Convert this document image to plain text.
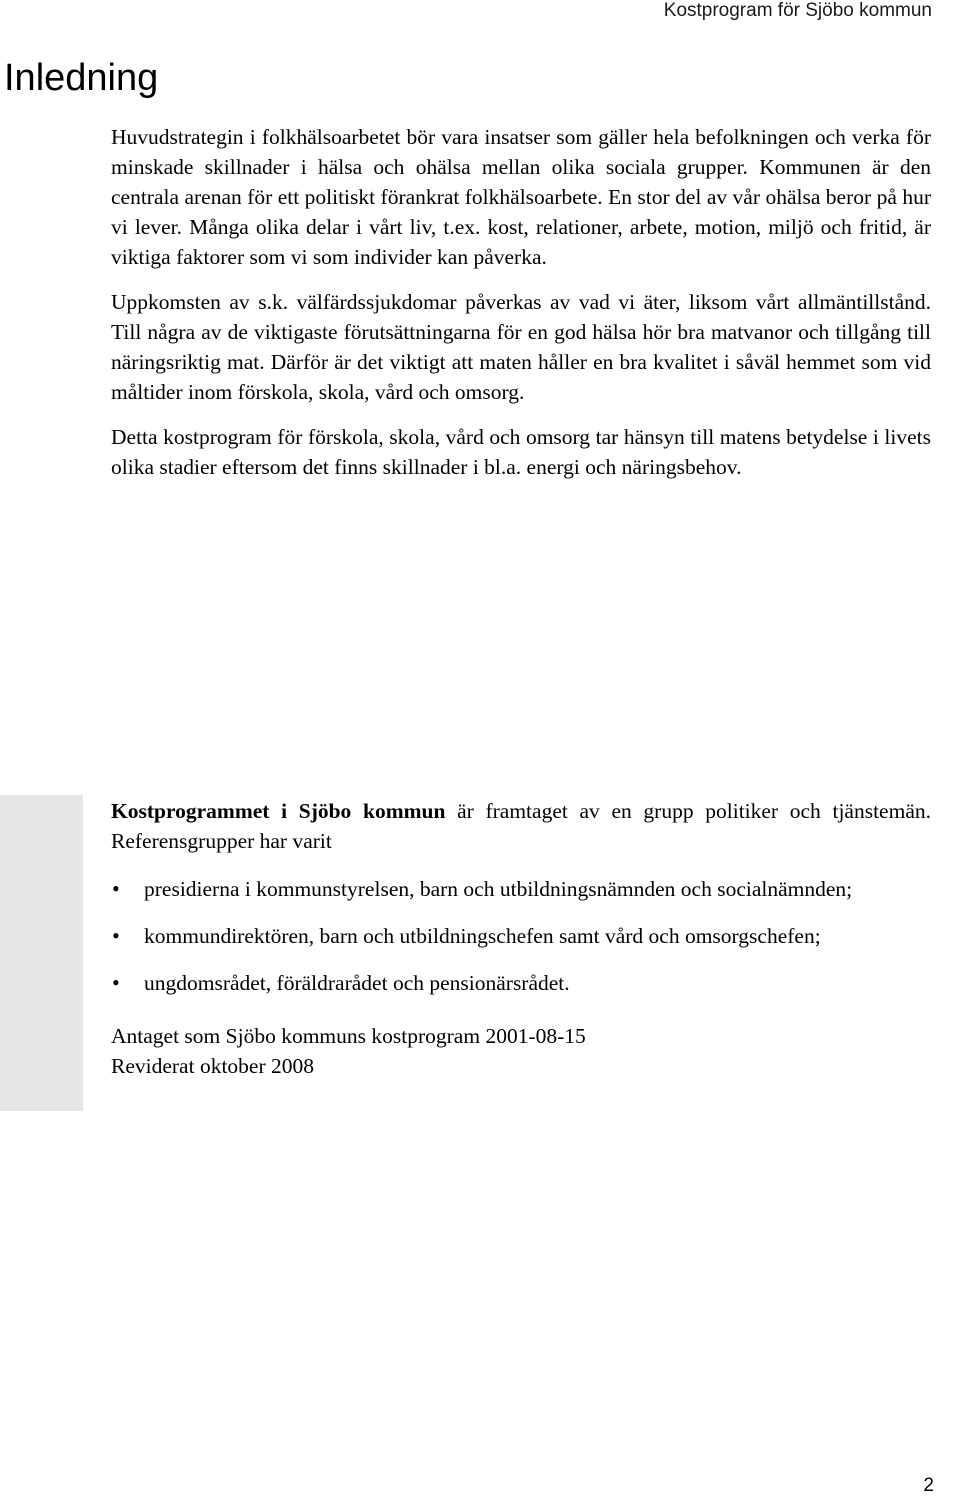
Kostprogram för Sjöbo kommun
Inledning

Huvudstrategin i folkhälsoarbetet bör vara insatser som gäller hela befolkningen och verka för minskade skillnader i hälsa och ohälsa mellan olika sociala grupper. Kommunen är den centrala arenan för ett politiskt förankrat folkhälsoarbete. En stor del av vår ohälsa beror på hur vi lever. Många olika delar i vårt liv, t.ex. kost, relationer, arbete, motion, miljö och fritid, är viktiga faktorer som vi som individer kan påverka.

Uppkomsten av s.k. välfärdssjukdomar påverkas av vad vi äter, liksom vårt allmäntillstånd. Till några av de viktigaste förutsättningarna för en god hälsa hör bra matvanor och tillgång till näringsriktig mat. Därför är det viktigt att maten håller en bra kvalitet i såväl hemmet som vid måltider inom förskola, skola, vård och omsorg.

Detta kostprogram för förskola, skola, vård och omsorg tar hänsyn till matens betydelse i livets olika stadier eftersom det finns skillnader i bl.a. energi och näringsbehov.

Kostprogrammet i Sjöbo kommun är framtaget av en grupp politiker och tjänstemän. Referensgrupper har varit

• presidierna i kommunstyrelsen, barn och utbildningsnämnden och socialnämnden;
• kommundirektören, barn och utbildningschefen samt vård och omsorgschefen;
• ungdomsrådet, föräldrarådet och pensionärsrådet.

Antaget som Sjöbo kommuns kostprogram 2001-08-15

Reviderat oktober 2008

2
